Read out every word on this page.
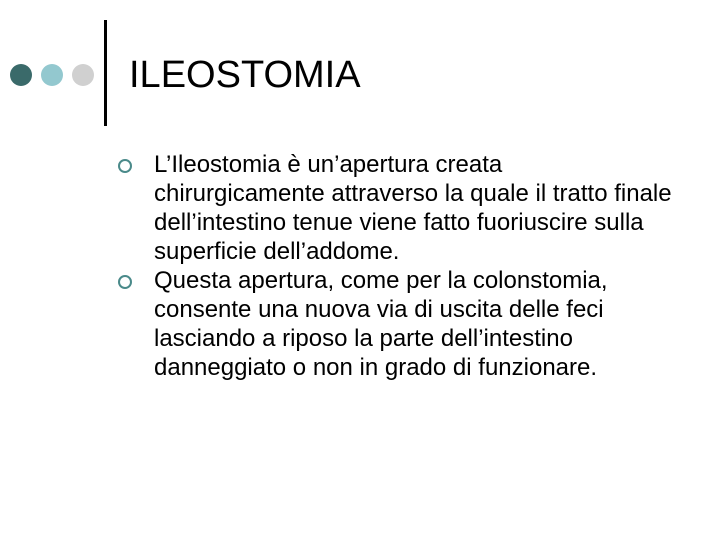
ILEOSTOMIA
L’Ileostomia è un’apertura creata chirurgicamente attraverso la quale il tratto finale dell’intestino tenue viene fatto fuoriuscire sulla superficie dell’addome.
Questa apertura, come per la colonstomia, consente una nuova via di uscita delle feci lasciando a riposo la parte dell’intestino danneggiato o non in grado di funzionare.
